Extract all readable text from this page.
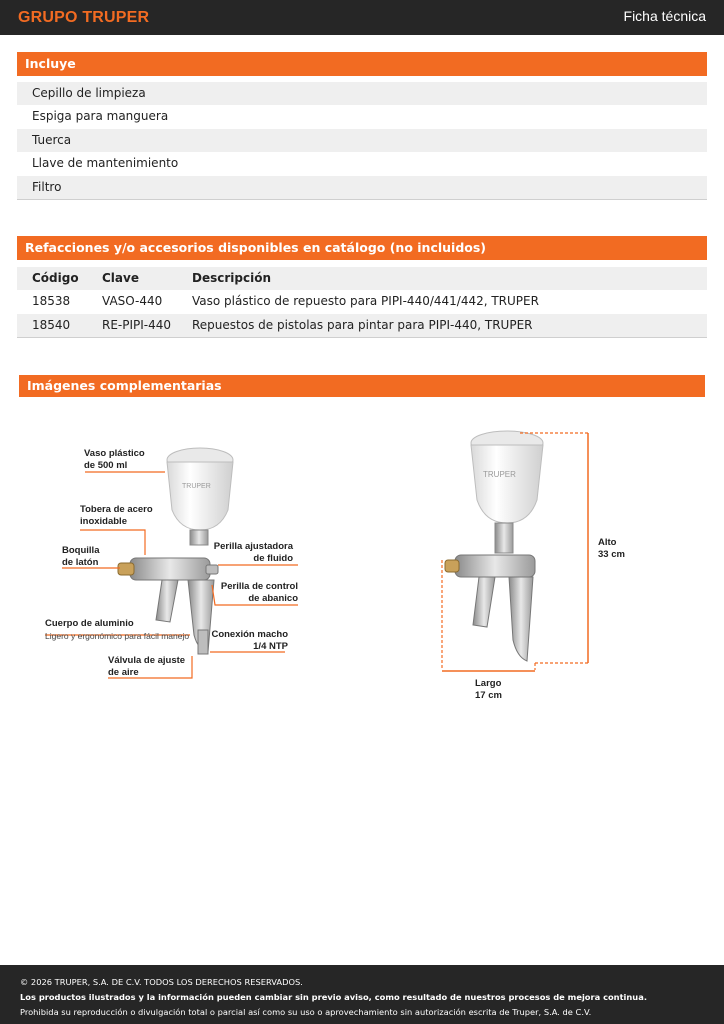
GRUPO TRUPER	Ficha técnica
Incluye
Cepillo de limpieza
Espiga para manguera
Tuerca
Llave de mantenimiento
Filtro
Refacciones y/o accesorios disponibles en catálogo (no incluidos)
Código Clave	Descripción
18538	VASO-440 Vaso plástico de repuesto para PIPI-440/441/442, TRUPER
18540	RE-PIPI-440 Repuestos de pistolas para pintar para PIPI-440, TRUPER
Imágenes complementarias
TRUPER
Vaso plástico
de 500 ml
Tobera de acero
inoxidable
Boquilla
de latón
Perilla ajustadora
de fluido
Perilla de control
de abanico
Cuerpo de aluminio
Ligero y ergonómico para fácil manejo	Conexión macho
1/4 NTP
Válvula de ajuste
de aire
TRUPER
Alto
33 cm
Largo
17 cm
© 2026 TRUPER, S.A. DE C.V. TODOS LOS DERECHOS RESERVADOS.
Los productos ilustrados y la información pueden cambiar sin previo aviso, como resultado de nuestros procesos de mejora continua.
Prohibida su reproducción o divulgación total o parcial así como su uso o aprovechamiento sin autorización escrita de Truper, S.A. de C.V.
